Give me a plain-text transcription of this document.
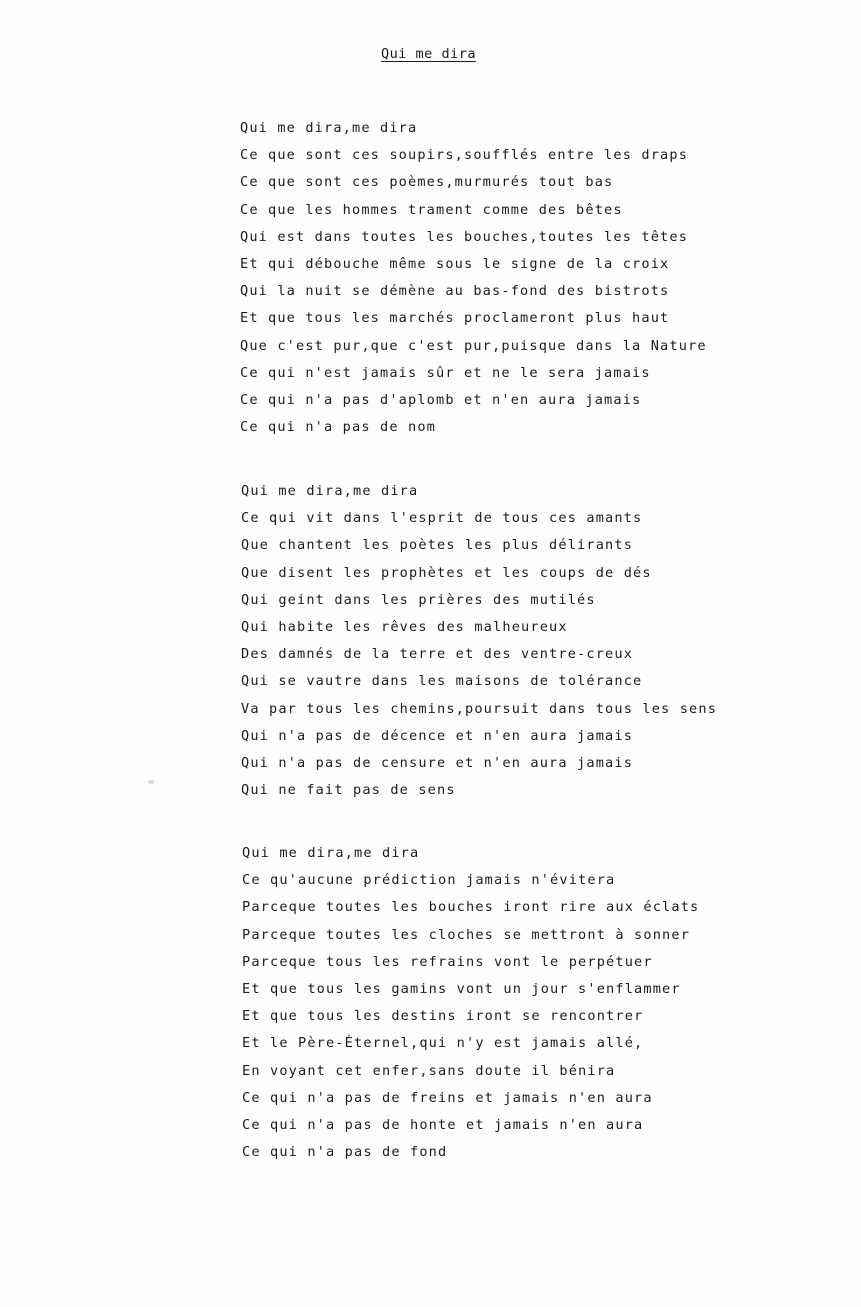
Qui me dira
Qui me dira,me dira
Ce que sont ces soupirs,soufflés entre les draps
Ce que sont ces poèmes,murmurés tout bas
Ce que les hommes trament comme des bêtes
Qui est dans toutes les bouches,toutes les têtes
Et qui débouche même sous le signe de la croix
Qui la nuit se démène au bas-fond des bistrots
Et que tous les marchés proclameront plus haut
Que c'est pur,que c'est pur,puisque dans la Nature
Ce qui n'est jamais sûr et ne le sera jamais
Ce qui n'a pas d'aplomb et n'en aura jamais
Ce qui n'a pas de nom
Qui me dira,me dira
Ce qui vit dans l'esprit de tous ces amants
Que chantent les poètes les plus délirants
Que disent les prophètes et les coups de dés
Qui geint dans les prières des mutilés
Qui habite les rêves des malheureux
Des damnés de la terre et des ventre-creux
Qui se vautre dans les maisons de tolérance
Va par tous les chemins,poursuit dans tous les sens
Qui n'a pas de décence et n'en aura jamais
Qui n'a pas de censure et n'en aura jamais
Qui ne fait pas de sens
Qui me dira,me dira
Ce qu'aucune prédiction jamais n'évitera
Parceque toutes les bouches iront rire aux éclats
Parceque toutes les cloches se mettront à sonner
Parceque tous les refrains vont le perpétuer
Et que tous les gamins vont un jour s'enflammer
Et que tous les destins iront se rencontrer
Et le Père-Éternel,qui n'y est jamais allé,
En voyant cet enfer,sans doute il bénira
Ce qui n'a pas de freins et jamais n'en aura
Ce qui n'a pas de honte et jamais n'en aura
Ce qui n'a pas de fond
